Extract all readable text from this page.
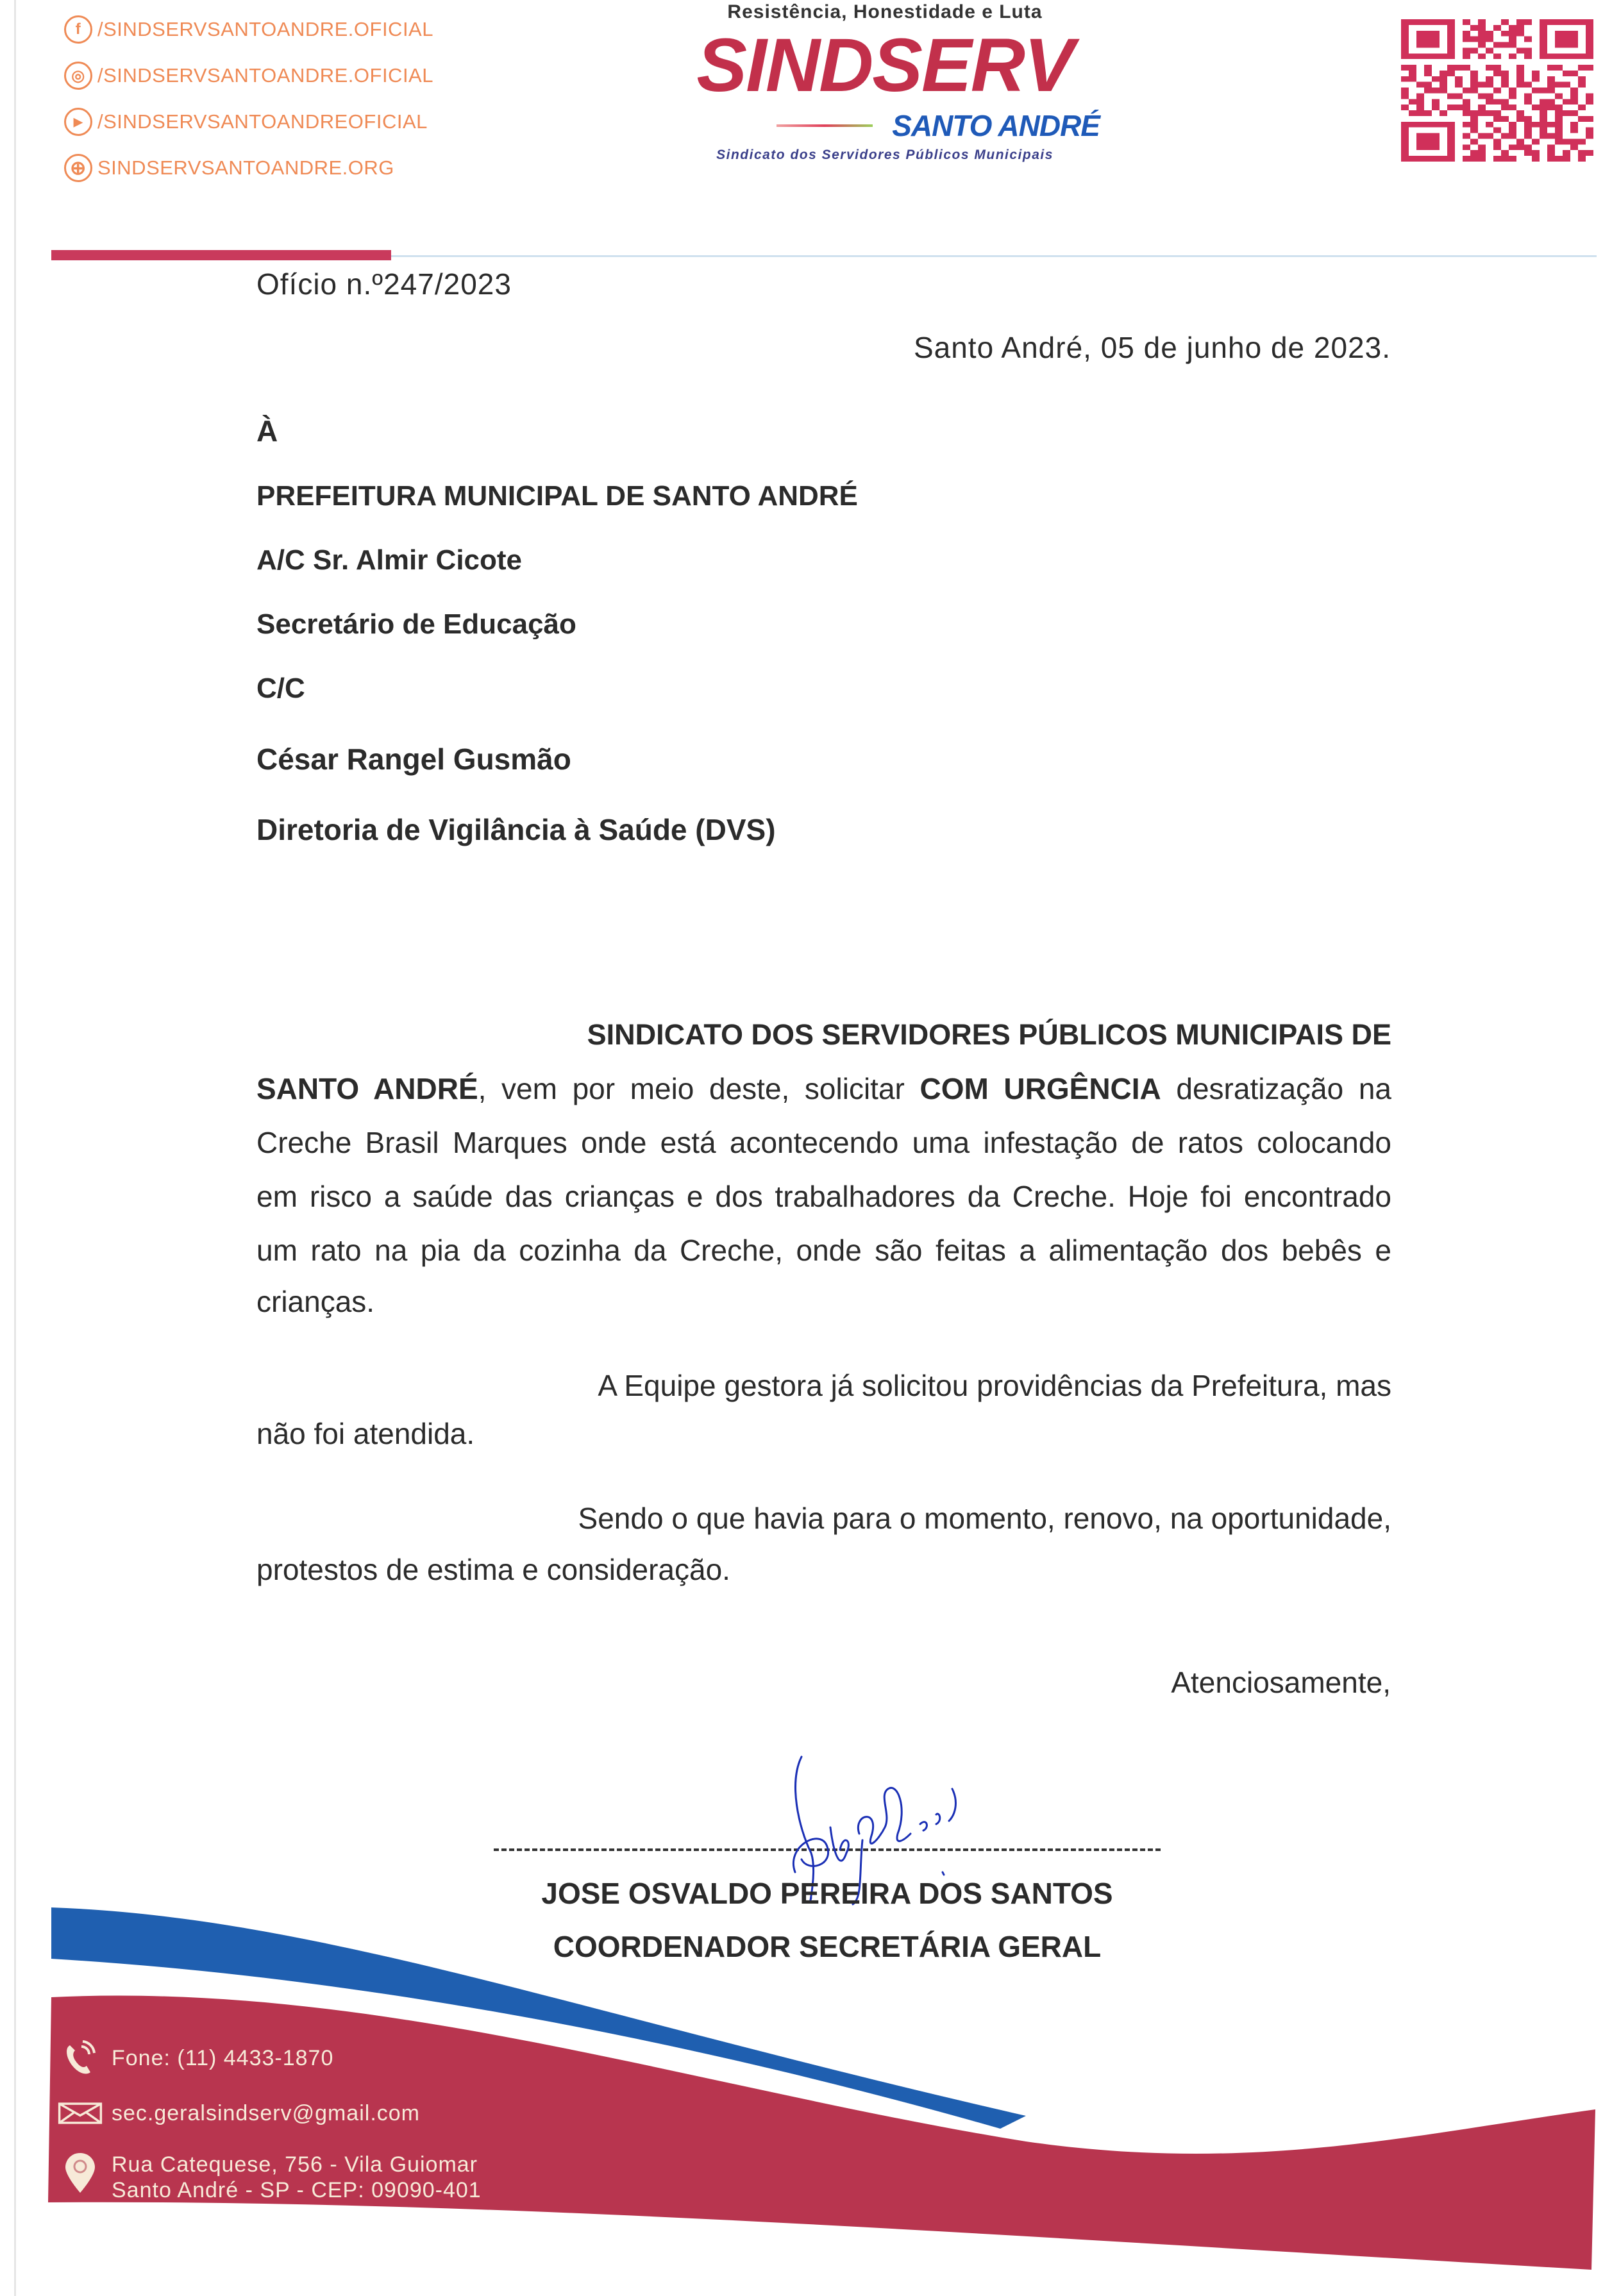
f /SINDSERVSANTOANDRE.OFICIAL
◎ /SINDSERVSANTOANDRE.OFICIAL
▶ /SINDSERVSANTOANDREOFICIAL
⊕ SINDSERVSANTOANDRE.ORG
Resistência, Honestidade e Luta
SINDSERV
SANTO ANDRÉ
Sindicato dos Servidores Públicos Municipais
Ofício n.º247/2023
Santo André, 05 de junho de 2023.
À
PREFEITURA MUNICIPAL DE SANTO ANDRÉ
A/C Sr. Almir Cicote
Secretário de Educação
C/C
César Rangel Gusmão
Diretoria de Vigilância à Saúde (DVS)
SINDICATO DOS SERVIDORES PÚBLICOS MUNICIPAIS DE
SANTO ANDRÉ, vem por meio deste, solicitar COM URGÊNCIA desratização na
Creche Brasil Marques onde está acontecendo uma infestação de ratos colocando
em risco a saúde das crianças e dos trabalhadores da Creche. Hoje foi encontrado
um rato na pia da cozinha da Creche, onde são feitas a alimentação dos bebês e
crianças.
A Equipe gestora já solicitou providências da Prefeitura, mas
não foi atendida.
Sendo o que havia para o momento, renovo, na oportunidade,
protestos de estima e consideração.
Atenciosamente,
JOSE OSVALDO PEREIRA DOS SANTOS
COORDENADOR SECRETÁRIA GERAL
Fone: (11) 4433-1870
sec.geralsindserv@gmail.com
Rua Catequese, 756 - Vila Guiomar
Santo André - SP - CEP: 09090-401
